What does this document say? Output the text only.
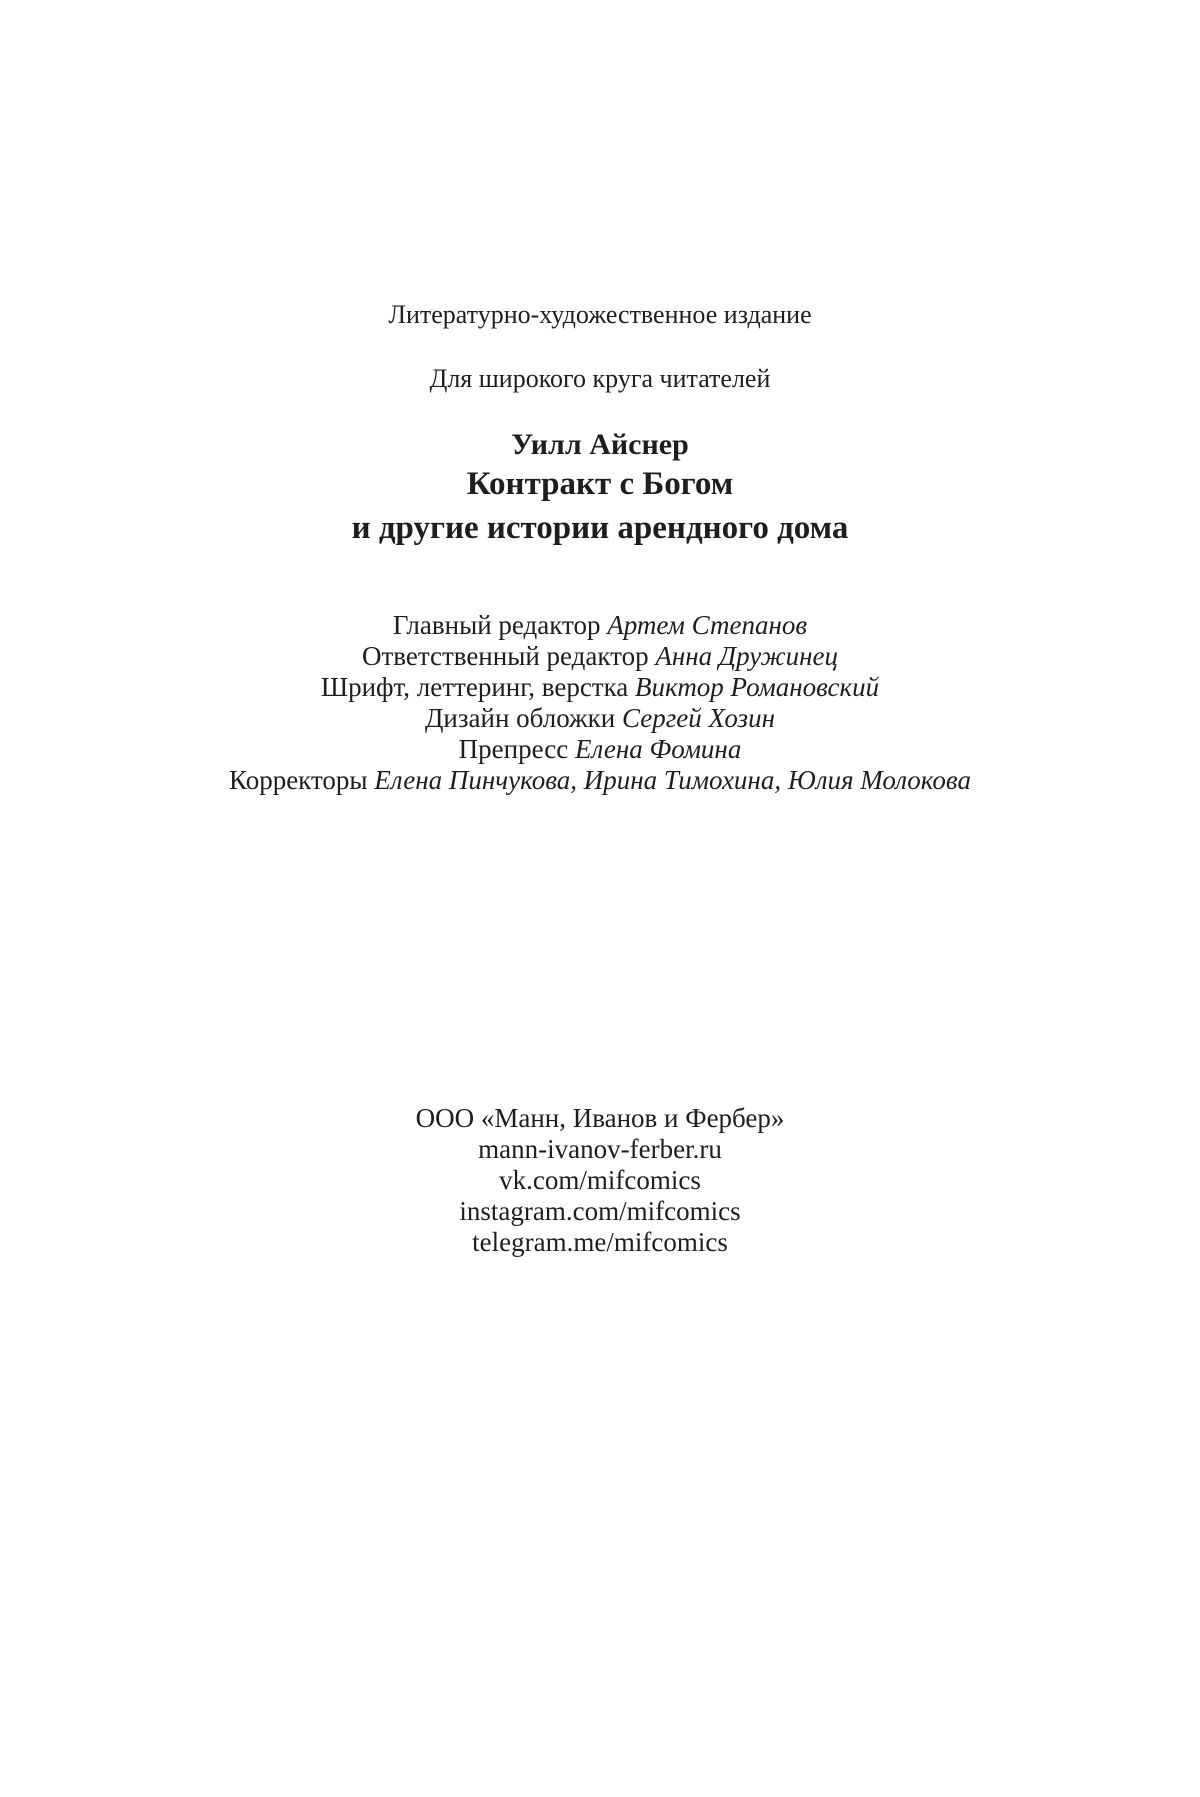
Литературно-художественное издание
Для широкого круга читателей
Уилл Айснер
Контракт с Богом
и другие истории арендного дома
Главный редактор Артем Степанов
Ответственный редактор Анна Дружинец
Шрифт, леттеринг, верстка Виктор Романовский
Дизайн обложки Сергей Хозин
Препресс Елена Фомина
Корректоры Елена Пинчукова, Ирина Тимохина, Юлия Молокова
ООО «Манн, Иванов и Фербер»
mann-ivanov-ferber.ru
vk.com/mifcomics
instagram.com/mifcomics
telegram.me/mifcomics
